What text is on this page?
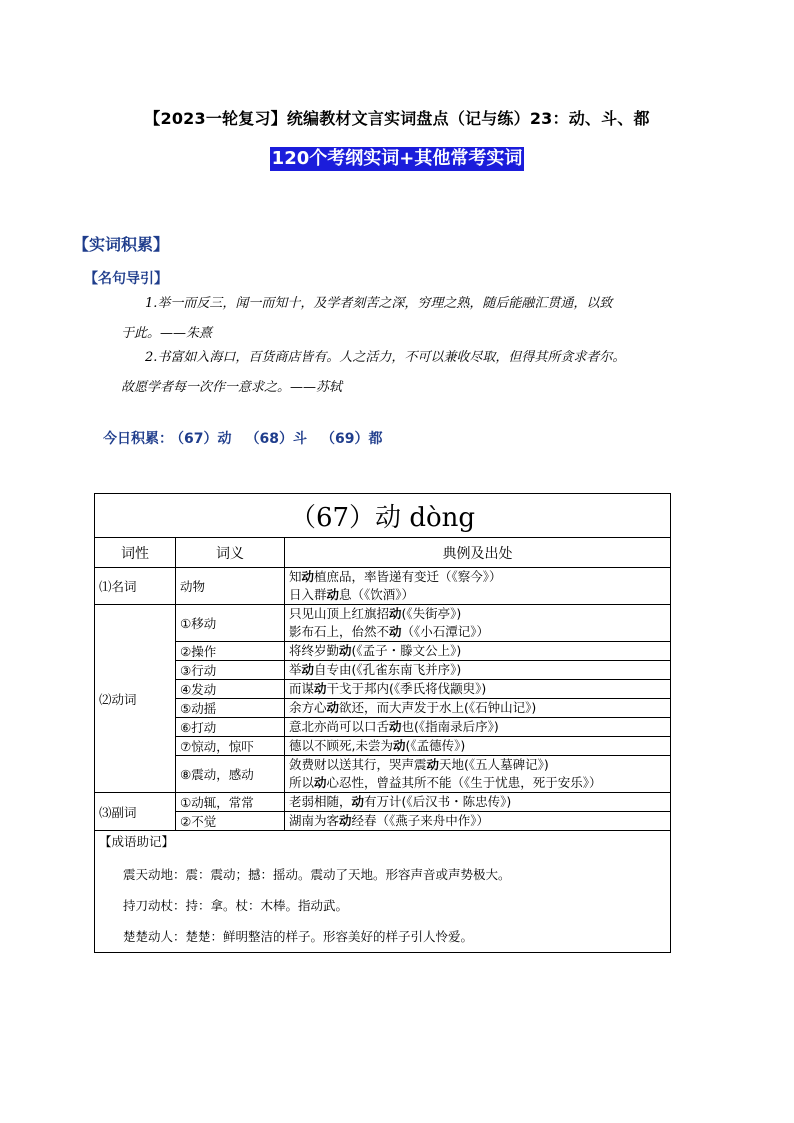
【2023一轮复习】统编教材文言实词盘点（记与练）23：动、斗、都
120个考纲实词+其他常考实词
【实词积累】
【名句导引】
1.举一而反三，闻一而知十，及学者刻苦之深，穷理之熟，随后能融汇贯通，以致
于此。——朱熹
2.书富如入海口，百货商店皆有。人之活力，不可以兼收尽取，但得其所贪求者尔。
故愿学者每一次作一意求之。——苏轼
今日积累： （67）动 （68）斗 （69）都
（67）动 dòng		
词性	词义	典例及出处
⑴名词	动物	知动植庶品，率皆递有变迁（《察今》）
日入群动息（《饮酒》）

⑵动词	①移动	只见山顶上红旗招动(《失街亭》)
影布石上，佁然不动（《小石潭记》）

	②操作	将终岁勤动(《孟子・滕文公上》)

	③行动	举动自专由(《孔雀东南飞并序》)

	④发动	而谋动干戈于邦内(《季氏将伐颛臾》)

	⑤动摇	余方心动欲还，而大声发于水上(《石钟山记》)

	⑥打动	意北亦尚可以口舌动也(《指南录后序》)

	⑦惊动，惊吓	德以不顾死,未尝为动(《孟德传》)

	⑧震动，感动	敛费财以送其行，哭声震动天地(《五人墓碑记》)
所以动心忍性，曾益其所不能（《生于忧患，死于安乐》）

⑶副词	①动辄，常常	老弱相随，动有万计(《后汉书・陈忠传》)

	②不觉	湖南为客动经春（《燕子来舟中作》）

【成语助记】
震天动地：震：震动；撼：摇动。震动了天地。形容声音或声势极大。
持刀动杖：持：拿。杖：木棒。指动武。
楚楚动人：楚楚：鲜明整洁的样子。形容美好的样子引人怜爱。		
